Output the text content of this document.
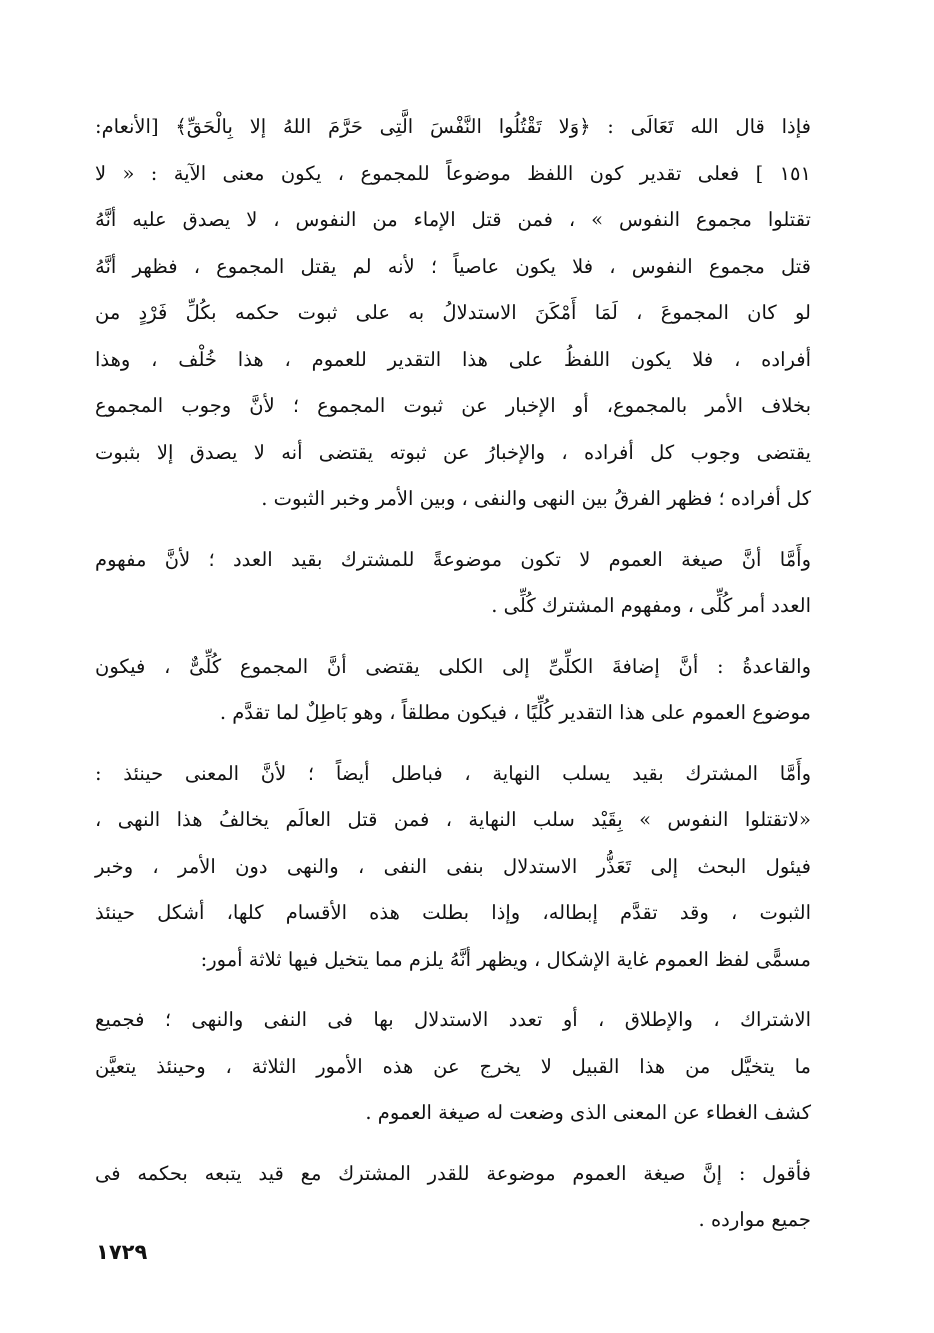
فإذا قال الله تَعَالَى : ﴿وَلا تَقْتُلُوا النَّفْسَ الَّتِى حَرَّمَ اللهُ إلا بِالْحَقِّ﴾ [الأنعام:
١٥١ ] فعلى تقدير كون اللفظ موضوعاً للمجموع ، يكون معنى الآية : « لا
تقتلوا مجموع النفوس » ، فمن قتل الإماء من النفوس ، لا يصدق عليه أنَّهُ
قتل مجموع النفوس ، فلا يكون عاصياً ؛ لأنه لم يقتل المجموع ، فظهر أنَّهُ
لو كان المجموعَ ، لَمَا أَمْكَنَ الاستدلالُ به على ثبوت حكمه بكُلِّ فَرْدٍ من
أفراده ، فلا يكون اللفظُ على هذا التقدير للعموم ، هذا خُلْف ، وهذا
بخلاف الأمر بالمجموع، أو الإخبار عن ثبوت المجموع ؛ لأنَّ وجوب المجموع
يقتضى وجوب كل أفراده ، والإخبارُ عن ثبوته يقتضى أنه لا يصدق إلا بثبوت
كل أفراده ؛ فظهر الفرقُ بين النهى والنفى ، وبين الأمر وخبر الثبوت .
وأَمَّا أنَّ صيغة العموم لا تكون موضوعةً للمشترك بقيد العدد ؛ لأنَّ مفهوم
العدد أمر كُلِّى ، ومفهوم المشترك كُلِّى .
والقاعدةُ : أنَّ إضافةَ الكلِّىِّ إلى الكلى يقتضى أنَّ المجموع كُلِّىٌّ ، فيكون
موضوع العموم على هذا التقدير كُلِّيًا ، فيكون مطلقاً ، وهو بَاطِلٌ لما تقدَّم .
وأَمَّا المشترك بقيد يسلب النهاية ، فباطل أيضاً ؛ لأنَّ المعنى حينئذ :
«لاتقتلوا النفوس » بِقَيْد سلب النهاية ، فمن قتل العالَم يخالفُ هذا النهى ،
فيئول البحث إلى تَعَذُّر الاستدلال بنفى النفى ، والنهى دون الأمر ، وخبر
الثبوت ، وقد تقدَّم إبطاله، وإذا بطلت هذه الأقسام كلها، أشكل حينئذ
مسمًّى لفظ العموم غاية الإشكال ، ويظهر أنَّهُ يلزم مما يتخيل فيها ثلاثة أمور:
الاشتراك ، والإطلاق ، أو تعدد الاستدلال بها فى النفى والنهى ؛ فجميع
ما يتخيَّل من هذا القبيل لا يخرج عن هذه الأمور الثلاثة ، وحينئذ يتعيَّن
كشف الغطاء عن المعنى الذى وضعت له صيغة العموم .
فأقول : إنَّ صيغة العموم موضوعة للقدر المشترك مع قيد يتبعه بحكمه فى
جميع موارده .
١٧٢٩
